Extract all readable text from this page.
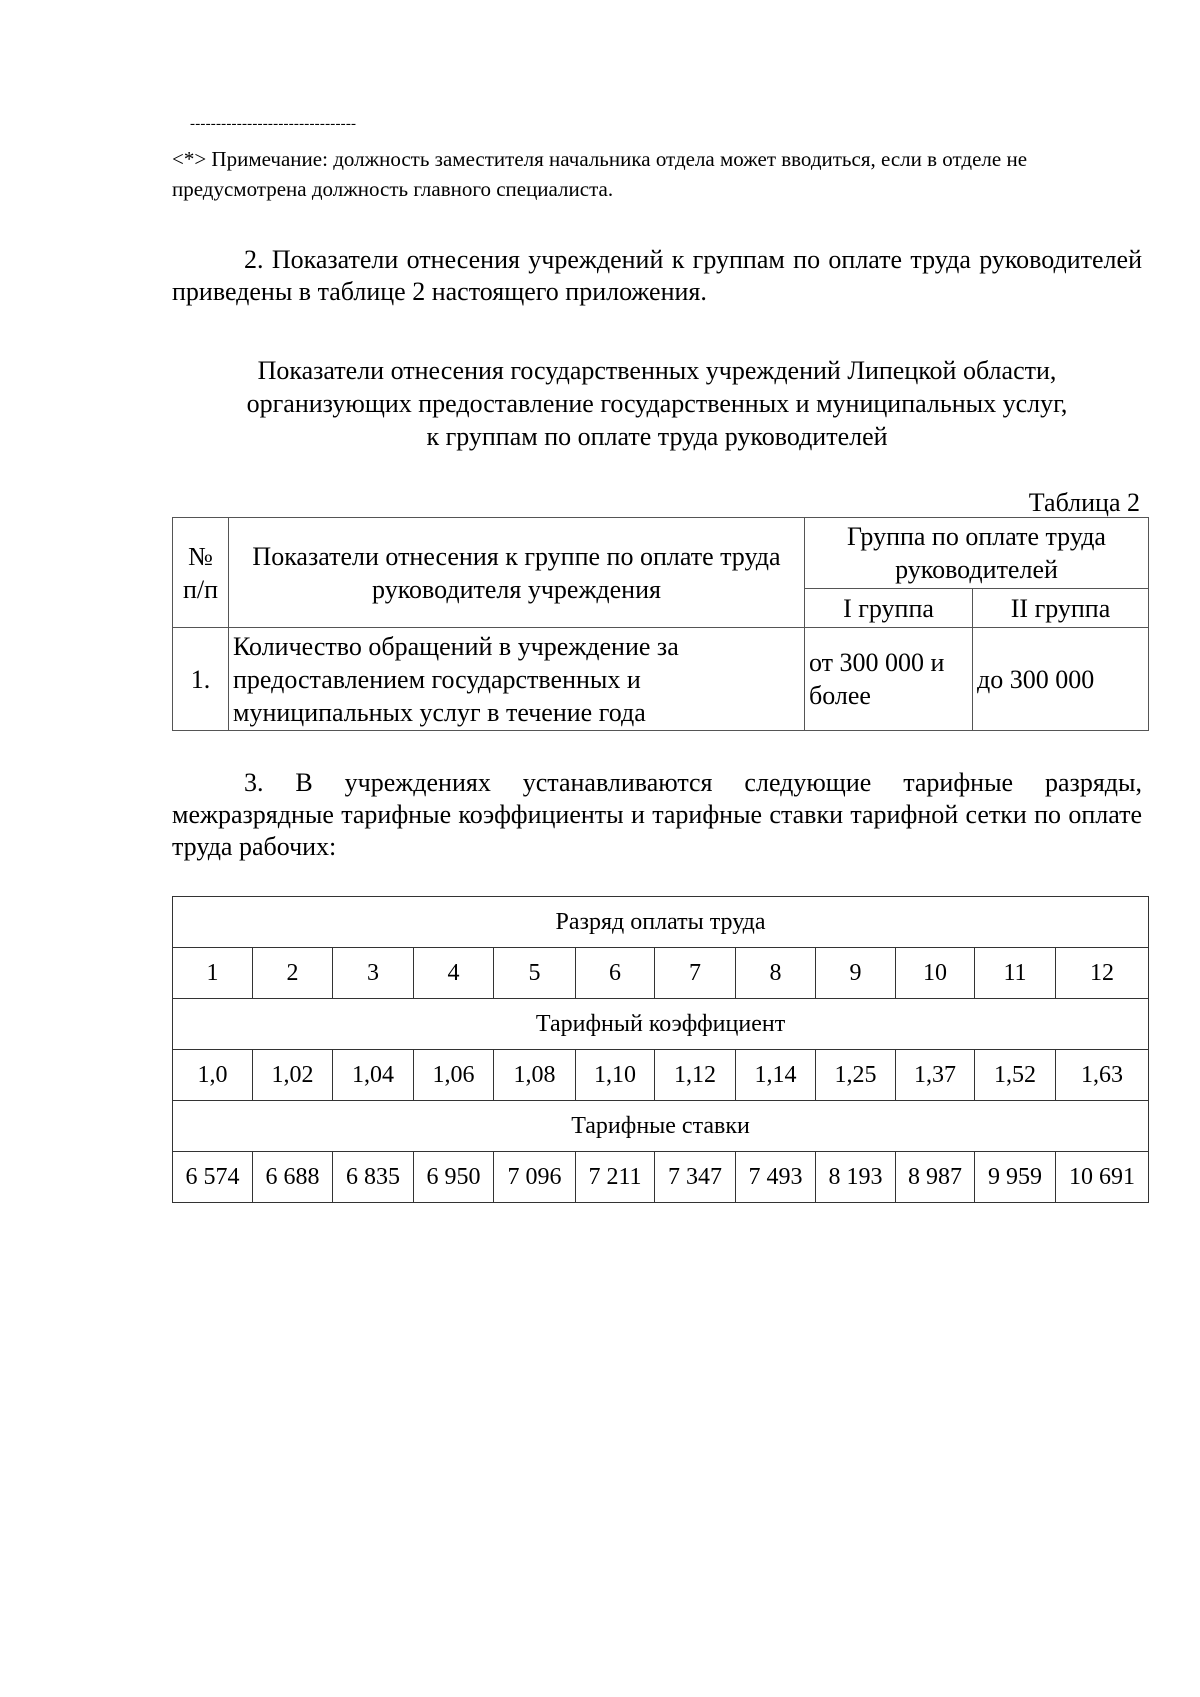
--------------------------------
<*> Примечание: должность заместителя начальника отдела может вводиться, если в отделе не предусмотрена должность главного специалиста.
2. Показатели отнесения учреждений к группам по оплате труда руководителей приведены в таблице 2 настоящего приложения.
Показатели отнесения государственных учреждений Липецкой области,
организующих предоставление государственных и муниципальных услуг,
к группам по оплате труда руководителей
Таблица 2
№ п/п	Показатели отнесения к группе по оплате труда руководителя учреждения	Группа по оплате труда руководителей	
		I группа	II группа
1.	Количество обращений в учреждение за предоставлением государственных и муниципальных услуг в течение года	от 300 000 и более	до 300 000
3. В учреждениях устанавливаются следующие тарифные разряды, межразрядные тарифные коэффициенты и тарифные ставки тарифной сетки по оплате труда рабочих:
Разряд оплаты труда											
1	2	3	4	5	6	7	8	9	10	11	12
Тарифный коэффициент											
1,0	1,02	1,04	1,06	1,08	1,10	1,12	1,14	1,25	1,37	1,52	1,63
Тарифные ставки											
6 574	6 688	6 835	6 950	7 096	7 211	7 347	7 493	8 193	8 987	9 959	10 691
